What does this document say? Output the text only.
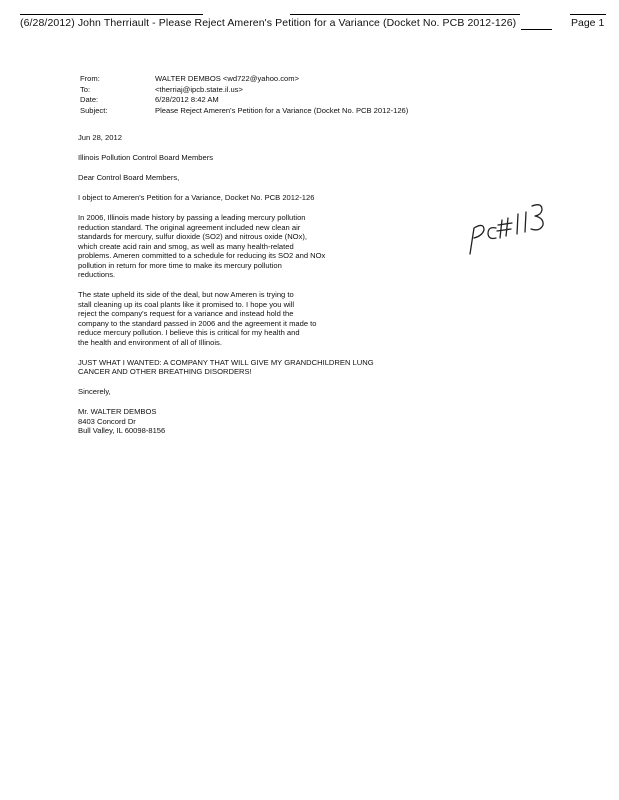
(6/28/2012) John Therriault - Please Reject Ameren's Petition for a Variance (Docket No. PCB 2012-126)	Page 1
From:	WALTER DEMBOS <wd722@yahoo.com>
To:	<therriaj@ipcb.state.il.us>
Date:	6/28/2012 8:42 AM
Subject:	Please Reject Ameren's Petition for a Variance (Docket No. PCB 2012-126)

Jun 28, 2012

Illinois Pollution Control Board Members

Dear Control Board Members,

I object to Ameren's Petition for a Variance, Docket No. PCB 2012-126

In 2006, Illinois made history by passing a leading mercury pollution
reduction standard. The original agreement included new clean air
standards for mercury, sulfur dioxide (SO2) and nitrous oxide (NOx),
which create acid rain and smog, as well as many health-related
problems. Ameren committed to a schedule for reducing its SO2 and NOx
pollution in return for more time to make its mercury pollution
reductions.

The state upheld its side of the deal, but now Ameren is trying to
stall cleaning up its coal plants like it promised to. I hope you will
reject the company's request for a variance and instead hold the
company to the standard passed in 2006 and the agreement it made to
reduce mercury pollution. I believe this is critical for my health and
the health and environment of all of Illinois.

JUST WHAT I WANTED: A COMPANY THAT WILL GIVE MY GRANDCHILDREN LUNG
CANCER AND OTHER BREATHING DISORDERS!

Sincerely,

Mr. WALTER DEMBOS
8403 Concord Dr
Bull Valley, IL 60098-8156
